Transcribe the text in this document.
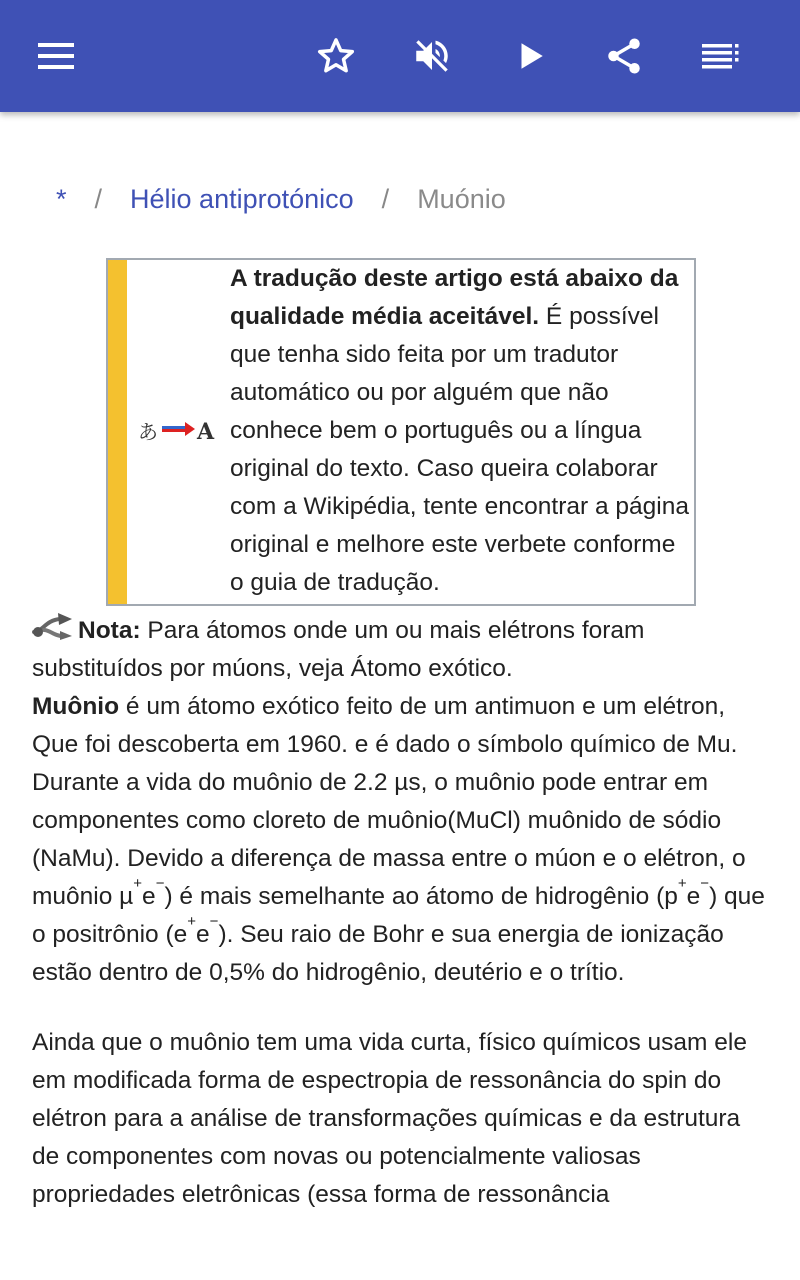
* / Hélio antiprotónico / Muónio
あ A
A tradução deste artigo está abaixo da qualidade média aceitável. É possível que tenha sido feita por um tradutor automático ou por alguém que não conhece bem o português ou a língua original do texto. Caso queira colaborar com a Wikipédia, tente encontrar a página original e melhore este verbete conforme o guia de tradução.

Nota: Para átomos onde um ou mais elétrons foram substituídos por múons, veja Átomo exótico.

Muônio é um átomo exótico feito de um antimuon e um elétron, Que foi descoberta em 1960. e é dado o símbolo químico de Mu. Durante a vida do muônio de 2.2 µs, o muônio pode entrar em componentes como cloreto de muônio(MuCl) muônido de sódio (NaMu). Devido a diferença de massa entre o múon e o elétron, o muônio µ+e−) é mais semelhante ao átomo de hidrogênio (p+e−) que o positrônio (e+e−). Seu raio de Bohr e sua energia de ionização estão dentro de 0,5% do hidrogênio, deutério e o trítio.

Ainda que o muônio tem uma vida curta, físico químicos usam ele em modificada forma de espectropia de ressonância do spin do elétron para a análise de transformações químicas e da estrutura de componentes com novas ou potencialmente valiosas propriedades eletrônicas (essa forma de ressonância
